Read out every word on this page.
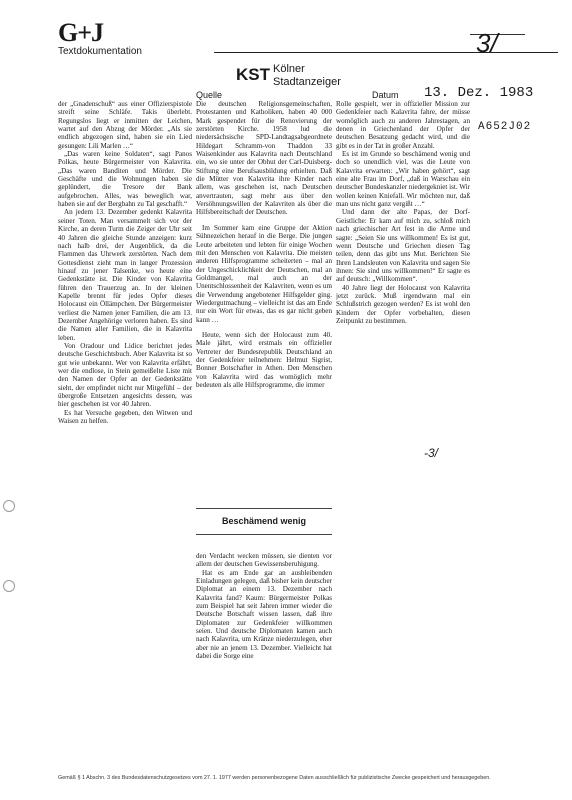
G+J
Textdokumentation	3/
KST Kölner
Stadtanzeiger
Quelle	Datum 13. Dez. 1983
A652J02

der „Gnadenschuß“ aus einer Offizierspistole streift seine Schläfe. Takis überlebt. Regungslos liegt er inmitten der Leichen, wartet auf den Abzug der Mörder. „Als sie endlich abgezogen sind, haben sie ein Lied gesungen: Lili Marlen …“

„Das waren keine Soldaten“, sagt Panos Polkas, heute Bürgermeister von Kalavrita. „Das waren Banditen und Mörder. Die Geschäfte und die Wohnungen haben sie geplündert, die Tresore der Bank aufgebrochen. Alles, was beweglich war, haben sie auf der Bergbahn zu Tal geschafft.“

An jedem 13. Dezember gedenkt Kalavrita seiner Toten. Man versammelt sich vor der Kirche, an deren Turm die Zeiger der Uhr seit 40 Jahren die gleiche Stunde anzeigen: kurz nach halb drei, der Augenblick, da die Flammen das Uhrwerk zerstörten. Nach dem Gottesdienst zieht man in langer Prozession hinauf zu jener Talsenke, wo heute eine Gedenkstätte ist. Die Kinder von Kalavrita führen den Trauerzug an. In der kleinen Kapelle brennt für jedes Opfer dieses Holocaust ein Öllämpchen. Der Bürgermeister verliest die Namen jener Familien, die am 13. Dezember Angehörige verloren haben. Es sind die Namen aller Familien, die in Kalavrita leben.

Von Oradour und Lidice berichtet jedes deutsche Geschichtsbuch. Aber Kalavrita ist so gut wie unbekannt. Wer von Kalavrita erfährt, wer die endlose, in Stein gemeißelte Liste mit den Namen der Opfer an der Gedenkstätte sieht, der empfindet nicht nur Mitgefühl – der übergroße Entsetzen angesichts dessen, was hier geschehen ist vor 40 Jahren.

Es hat Versuche gegeben, den Witwen und Waisen zu helfen.

Die deutschen Religionsgemeinschaften, Protestanten und Katholiken, haben 40 000 Mark gespendet für die Renovierung der zerstörten Kirche. 1958 lud die niedersächsische SPD-Landtagsabgeordnete Hildegart Schramm-von Thaddon 33 Waisenkinder aus Kalavrita nach Deutschland ein, wo sie unter der Obhut der Carl-Duisberg-Stiftung eine Berufsausbildung erhielten. Daß die Mütter von Kalavrita ihre Kinder nach allem, was geschehen ist, nach Deutschen anvertrauten, sagt mehr aus über den Versöhnungswillen der Kalavriten als über die Hilfsbereitschaft der Deutschen.

Im Sommer kam eine Gruppe der Aktion Sühnezeichen herauf in die Berge. Die jungen Leute arbeiteten und lebten für einige Wochen mit den Menschen von Kalavrita. Die meisten anderen Hilfsprogramme scheiterten – mal an der Ungeschicklichkeit der Deutschen, mal an Goldmangel, mal auch an der Unentschlossenheit der Kalavriten, wenn es um die Verwendung angebotener Hilfsgelder ging. Wiedergutmachung – vielleicht ist das am Ende nur ein Wort für etwas, das es gar nicht geben kann …

Heute, wenn sich der Holocaust zum 40. Male jährt, wird erstmals ein offizieller Vertreter der Bundesrepublik Deutschland an der Gedenkfeier teilnehmen: Helmut Sigrist, Bonner Botschafter in Athen. Den Menschen von Kalavrita wird das womöglich mehr bedeuten als alle Hilfsprogramme, die immer

Beschämend wenig

den Verdacht wecken müssen, sie dienten vor allem der deutschen Gewissensberuhigung.

Hat es am Ende gar an ausbleibenden Einladungen gelegen, daß bisher kein deutscher Diplomat an einem 13. Dezember nach Kalavrita fand? Kaum: Bürgermeister Polkas zum Beispiel hat seit Jahren immer wieder die Deutsche Botschaft wissen lassen, daß ihre Diplomaten zur Gedenkfeier willkommen seien. Und deutsche Diplomaten kamen auch nach Kalavrita, um Kränze niederzulegen, eher aber nie an jenem 13. Dezember. Vielleicht hat dabei die Sorge eine

Rolle gespielt, wer in offizieller Mission zur Gedenkfeier nach Kalavrita fahre, der müsse womöglich auch zu anderen Jahrestagen, an denen in Griechenland der Opfer der deutschen Besatzung gedacht wird, und die gibt es in der Tat in großer Anzahl.

Es ist im Grunde so beschämend wenig und doch so unendlich viel, was die Leute von Kalavrita erwarten: „Wir haben gehört“, sagt eine alte Frau im Dorf, „daß in Warschau ein deutscher Bundeskanzler niedergekniet ist. Wir wollen keinen Kniefall. Wir möchten nur, daß man uns nicht ganz vergißt …“

Und dann der alte Papas, der Dorf-Geistliche: Er kam auf mich zu, schloß mich nach griechischer Art fest in die Arme und sagte: „Seien Sie uns willkommen! Es ist gut, wenn Deutsche und Griechen diesen Tag teilen, denn das gibt uns Mut. Berichten Sie Ihren Landsleuten von Kalavrita und sagen Sie ihnen: Sie sind uns willkommen!“ Er sagte es auf deutsch: „Willkommen“.

40 Jahre liegt der Holocaust von Kalavrita jetzt zurück. Muß irgendwann mal ein Schlußstrich gezogen werden? Es ist wohl den Kindern der Opfer vorbehalten, diesen Zeitpunkt zu bestimmen.

-3/
Gemäß § 1 Abschn. 3 des Bundesdatenschutzgesetzes vom 27. 1. 1977 werden personenbezogene Daten ausschließlich für publizistische Zwecke gespeichert und herausgegeben.
